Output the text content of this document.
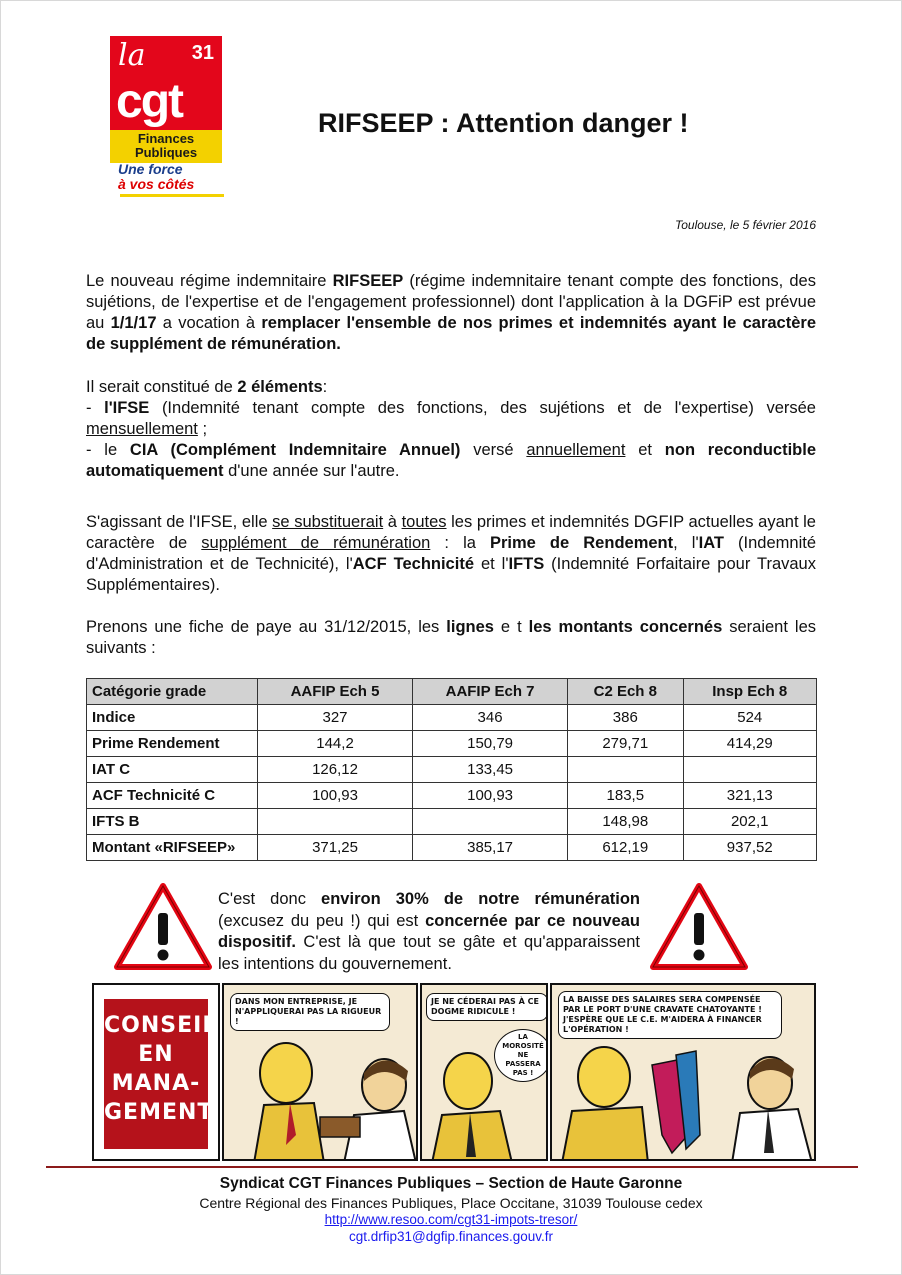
la 31
cgt
Finances
Publiques
Une force
à vos côtés
RIFSEEP : Attention danger !
Toulouse, le 5 février 2016
Le nouveau régime indemnitaire RIFSEEP (régime indemnitaire tenant compte des fonctions, des sujétions, de l'expertise et de l'engagement professionnel) dont l'application à la DGFiP est prévue au 1/1/17 a vocation à remplacer l'ensemble de nos primes et indemnités ayant le caractère de supplément de rémunération.
Il serait constitué de 2 éléments:
- l'IFSE (Indemnité tenant compte des fonctions, des sujétions et de l'expertise) versée mensuellement ;
- le CIA (Complément Indemnitaire Annuel) versé annuellement et non reconductible automatiquement d'une année sur l'autre.
S'agissant de l'IFSE, elle se substituerait à toutes les primes et indemnités DGFIP actuelles ayant le caractère de supplément de rémunération : la Prime de Rendement, l'IAT (Indemnité d'Administration et de Technicité), l'ACF Technicité et l'IFTS (Indemnité Forfaitaire pour Travaux Supplémentaires).
Prenons une fiche de paye au 31/12/2015, les lignes e t les montants concernés seraient les suivants :
Catégorie grade	AAFIP Ech 5	AAFIP Ech 7	C2 Ech 8	Insp Ech 8
Indice	327	346	386	524
Prime Rendement	144,2	150,79	279,71	414,29
IAT C	126,12	133,45		
ACF Technicité C	100,93	100,93	183,5	321,13
IFTS B			148,98	202,1
Montant «RIFSEEP»	371,25	385,17	612,19	937,52
C'est donc environ 30% de notre rémunération (excusez du peu !) qui est concernée par ce nouveau dispositif. C'est là que tout se gâte et qu'apparaissent les intentions du gouvernement.
CONSEIL
EN
MANA-
GEMENT
DANS MON ENTREPRISE, JE N'APPLIQUERAI PAS LA RIGUEUR !
JE NE CÉDERAI PAS À CE DOGME RIDICULE !
LA MOROSITÉ NE PASSERA PAS !
LA BAISSE DES SALAIRES SERA COMPENSÉE PAR LE PORT D'UNE CRAVATE CHATOYANTE ! J'ESPÈRE QUE LE C.E. M'AIDERA À FINANCER L'OPÉRATION !
Syndicat CGT Finances Publiques – Section de Haute Garonne
Centre Régional des Finances Publiques, Place Occitane, 31039 Toulouse cedex
http://www.resoo.com/cgt31-impots-tresor/
cgt.drfip31@dgfip.finances.gouv.fr
